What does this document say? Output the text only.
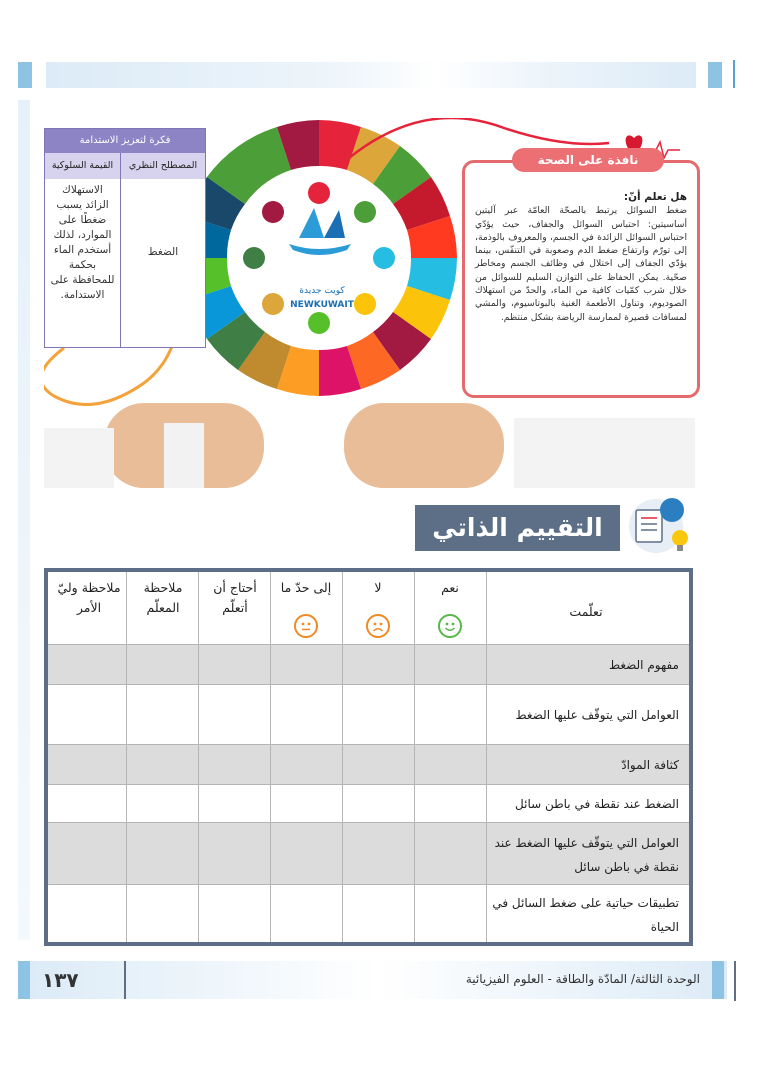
كويت جديدة
NEWKUWAIT
فكرة لتعزيز الاستدامة
المصطلح النظري
القيمة السلوكية
الضغط
الاستهلاك الزائد يسبب ضغطًا على الموارد، لذلك أستخدم الماء بحكمة للمحافظة على الاستدامة.
هل تعلم أنّ:
ضغط السوائل يرتبط بالصحّة العامّة عبر آليتين أساسيتين: احتباس السوائل والجفاف، حيث يؤدّي احتباس السوائل الزائدة في الجسم، والمعروف بالوذمة، إلى تورّم وارتفاع ضغط الدم وصعوبة في التنفّس، بينما يؤدّي الجفاف إلى اختلال في وظائف الجسم ومخاطر صحّية. يمكن الحفاظ على التوازن السليم للسوائل من خلال شرب كمّيات كافية من الماء، والحدّ من استهلاك الصوديوم، وتناول الأطعمة الغنية بالبوتاسيوم، والمشي لمسافات قصيرة لممارسة الرياضة بشكل منتظم.
نافذة على الصحة
التقييم الذاتي
تعلّمت
نعم
لا
إلى حدّ ما
أحتاج أن أتعلّم
ملاحظة المعلّم
ملاحظة وليّ الأمر
مفهوم الضغط
العوامل التي يتوقّف عليها الضغط
كثافة الموادّ
الضغط عند نقطة في باطن سائل
العوامل التي يتوقّف عليها الضغط عند نقطة في باطن سائل
تطبيقات حياتية على ضغط السائل في الحياة
١٣٧	الوحدة الثالثة/ المادّة والطاقة - العلوم الفيزيائية
